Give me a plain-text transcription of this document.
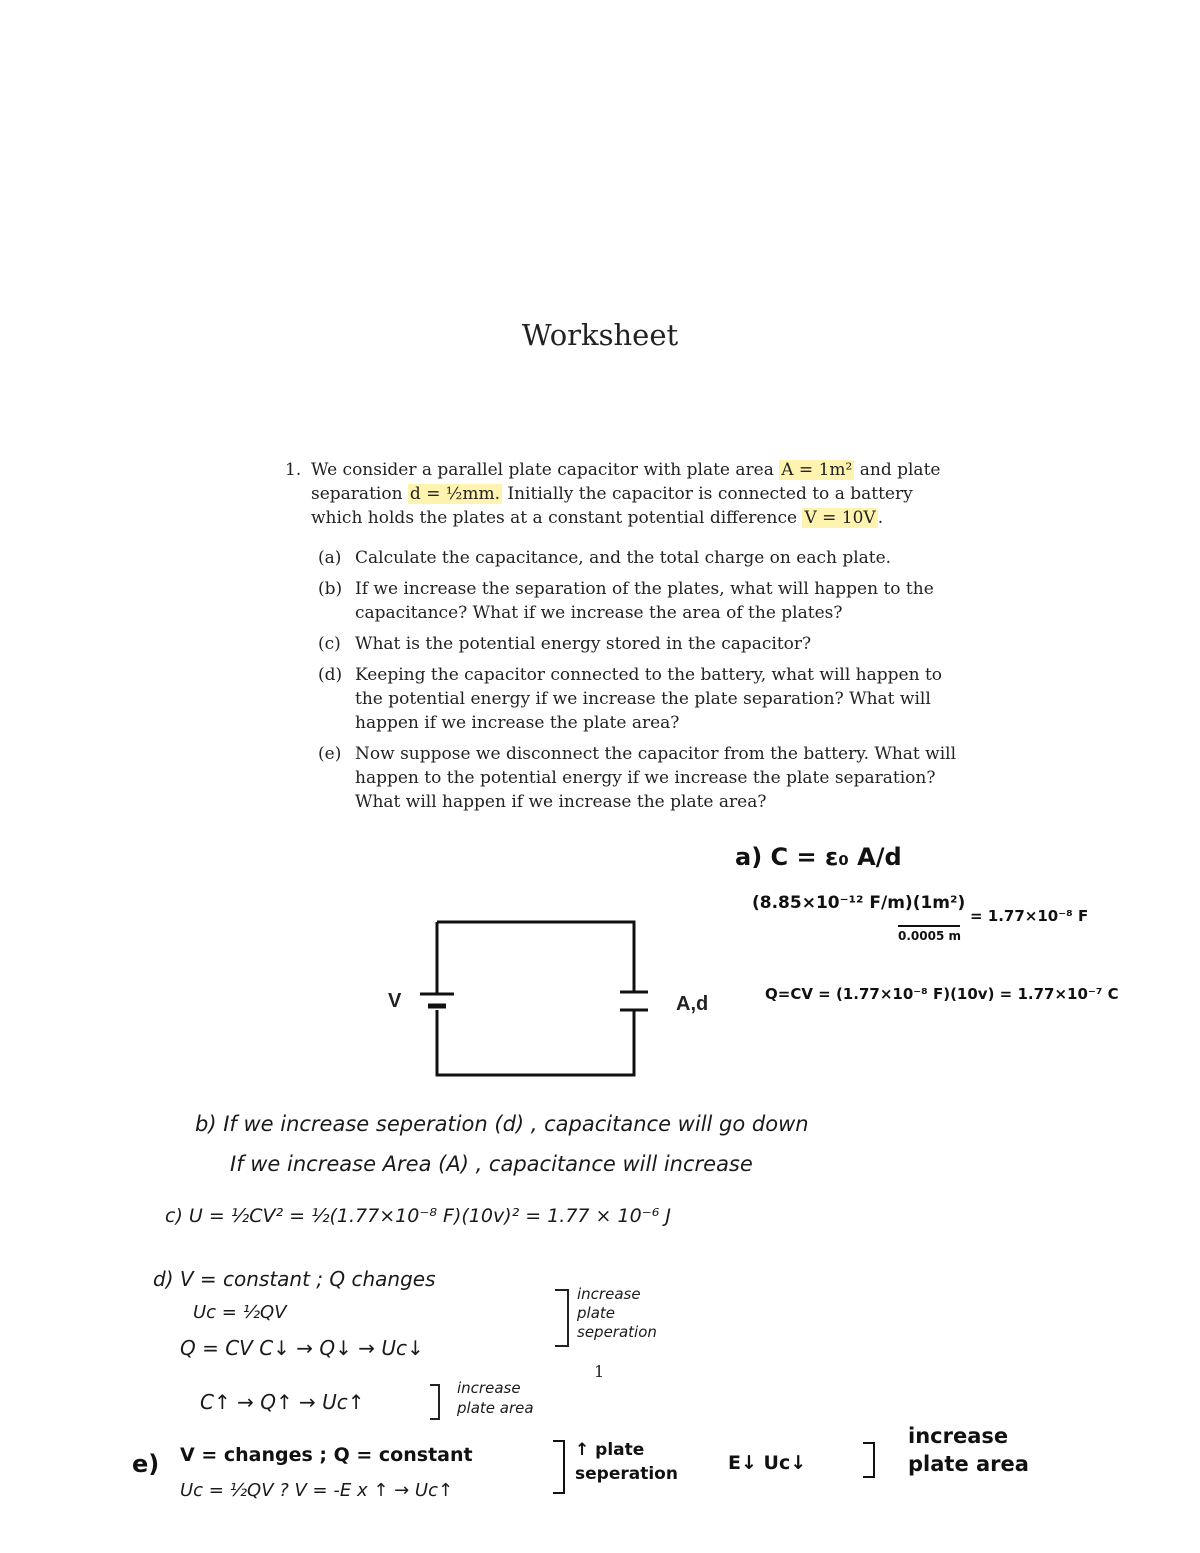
Worksheet
1. We consider a parallel plate capacitor with plate area A = 1m² and plate
separation d = ½mm. Initially the capacitor is connected to a battery
which holds the plates at a constant potential difference V = 10V .
(a) Calculate the capacitance, and the total charge on each plate.
(b) If we increase the separation of the plates, what will happen to the
capacitance? What if we increase the area of the plates?
(c) What is the potential energy stored in the capacitor?
(d) Keeping the capacitor connected to the battery, what will happen to
the potential energy if we increase the plate separation? What will
happen if we increase the plate area?
(e) Now suppose we disconnect the capacitor from the battery. What will
happen to the potential energy if we increase the plate separation?
What will happen if we increase the plate area?
V	A,d
a) C = ε₀ A/d
(8.85×10⁻¹² F/m)(1m²)
0.0005 m
= 1.77×10⁻⁸ F
Q=CV = (1.77×10⁻⁸ F)(10v) = 1.77×10⁻⁷ C
b) If we increase seperation (d) , capacitance will go down
If we increase Area (A) , capacitance will increase
c) U = ½CV² = ½(1.77×10⁻⁸ F)(10v)² = 1.77 × 10⁻⁶ J
d) V = constant ; Q changes
Uc = ½QV
Q = CV C↓ → Q↓ → Uc↓
increase
plate
seperation
C↑ → Q↑ → Uc↑
increase
plate area
1
e) V = changes ; Q = constant	↑ plate
seperation	E↓ Uc↓
increase
plate area
Uc = ½QV ? V = -E x ↑ → Uc↑
